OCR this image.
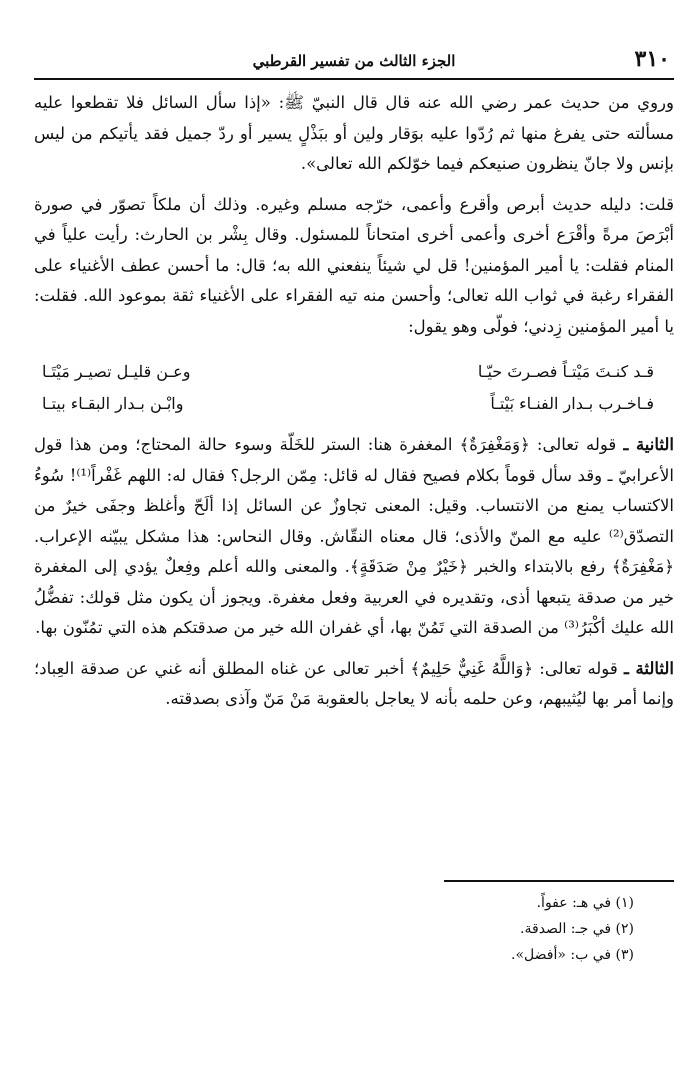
٣١٠
الجزء الثالث من تفسير القرطبي

وروي من حديث عمر رضي الله عنه قال قال النبيّ ﷺ: «إذا سأل السائل فلا تقطعوا عليه مسألته حتى يفرغ منها ثم رُدّوا عليه بوَقار ولين أو ببَذْلٍ يسير أو ردّ جميل فقد يأتيكم من ليس بإنس ولا جانّ ينظرون صنيعكم فيما خوّلكم الله تعالى».

قلت: دليله حديث أبرص وأقرع وأعمى، خرّجه مسلم وغيره. وذلك أن ملكاً تصوّر في صورة أبْرَصَ مرةً وأقْرَع أخرى وأعمى أخرى امتحاناً للمسئول. وقال بِشْر بن الحارث: رأيت علياً في المنام فقلت: يا أمير المؤمنين! قل لي شيئاً ينفعني الله به؛ قال: ما أحسن عطف الأغنياء على الفقراء رغبة في ثواب الله تعالى؛ وأحسن منه تيه الفقراء على الأغنياء ثقة بموعود الله. فقلت: يا أمير المؤمنين زِدني؛ فولّى وهو يقول:

قـد كنـتَ مَيْتـاً فصـرتَ حيّـا
وعـن قليـل تصيـر مَيْتَـا
فـاخـرب بـدار الفنـاء بَيْتـاً
وابْـن بـدار البقـاء بيتـا

الثانية ـ قوله تعالى: ﴿وَمَغْفِرَةٌ﴾ المغفرة هنا: الستر للخَلّة وسوء حالة المحتاج؛ ومن هذا قول الأعرابيّ ـ وقد سأل قوماً بكلام فصيح فقال له قائل: مِمّن الرجل؟ فقال له: اللهم غَفْراً⁽¹⁾! سُوءُ الاكتساب يمنع من الانتساب. وقيل: المعنى تجاوزٌ عن السائل إذا ألَحّ وأغلظ وجفَى خيرٌ من التصدّق⁽²⁾ عليه مع المنّ والأذى؛ قال معناه النقّاش. وقال النحاس: هذا مشكل يبيّنه الإعراب. ﴿مَغْفِرَةٌ﴾ رفع بالابتداء والخبر ﴿خَيْرٌ مِنْ صَدَقَةٍ﴾. والمعنى والله أعلم وفِعلٌ يؤدي إلى المغفرة خير من صدقة يتبعها أذى، وتقديره في العربية وفعل مغفرة. ويجوز أن يكون مثل قولك: تفضُّلُ الله عليك أكْبَرُ⁽³⁾ من الصدقة التي تَمُنّ بها، أي غفران الله خير من صدقتكم هذه التي تمُنّون بها.

الثالثة ـ قوله تعالى: ﴿وَاللَّهُ غَنِيٌّ حَلِيمٌ﴾ أخبر تعالى عن غناه المطلق أنه غني عن صدقة العِباد؛ وإنما أمر بها ليُثيبهم، وعن حلمه بأنه لا يعاجل بالعقوبة مَنْ مَنّ وآذى بصدقته.

(١) في هـ: عفواً.
(٢) في جـ: الصدقة.
(٣) في ب: «أفضل».
